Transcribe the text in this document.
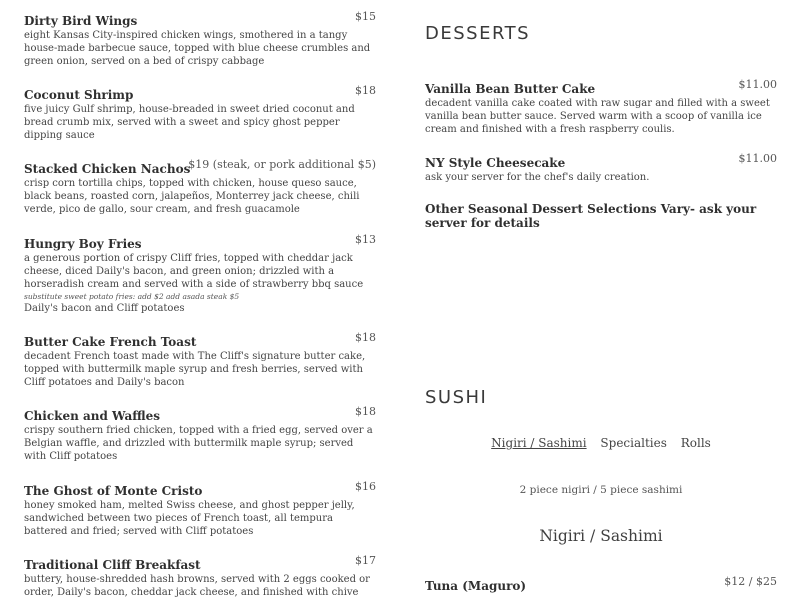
Dirty Bird Wings	$15
eight Kansas City-inspired chicken wings, smothered in a tangy house-made barbecue sauce, topped with blue cheese crumbles and green onion, served on a bed of crispy cabbage
Coconut Shrimp	$18
five juicy Gulf shrimp, house-breaded in sweet dried coconut and bread crumb mix, served with a sweet and spicy ghost pepper dipping sauce
Stacked Chicken Nachos
$19 (steak, or pork additional $5)
crisp corn tortilla chips, topped with chicken, house queso sauce, black beans, roasted corn, jalapeños, Monterrey jack cheese, chili verde, pico de gallo, sour cream, and fresh guacamole
Hungry Boy Fries	$13
a generous portion of crispy Cliff fries, topped with cheddar jack cheese, diced Daily's bacon, and green onion; drizzled with a horseradish cream and served with a side of strawberry bbq sauce
substitute sweet potato fries: add $2 add asada steak $5
Daily's bacon and Cliff potatoes
Butter Cake French Toast	$18
decadent French toast made with The Cliff's signature butter cake, topped with buttermilk maple syrup and fresh berries, served with Cliff potatoes and Daily's bacon
Chicken and Waffles	$18
crispy southern fried chicken, topped with a fried egg, served over a Belgian waffle, and drizzled with buttermilk maple syrup; served with Cliff potatoes
The Ghost of Monte Cristo	$16
honey smoked ham, melted Swiss cheese, and ghost pepper jelly, sandwiched between two pieces of French toast, all tempura battered and fried; served with Cliff potatoes
Traditional Cliff Breakfast	$17
buttery, house-shredded hash browns, served with 2 eggs cooked or order, Daily's bacon, cheddar jack cheese, and finished with chive
DESSERTS
Vanilla Bean Butter Cake	$11.00
decadent vanilla cake coated with raw sugar and filled with a sweet vanilla bean butter sauce. Served warm with a scoop of vanilla ice cream and finished with a fresh raspberry coulis.
NY Style Cheesecake	$11.00
ask your server for the chef's daily creation.
Other Seasonal Dessert Selections Vary- ask your server for details
SUSHI
Nigiri / Sashimi Specialties Rolls
2 piece nigiri / 5 piece sashimi
Nigiri / Sashimi
Tuna (Maguro)	$12 / $25
